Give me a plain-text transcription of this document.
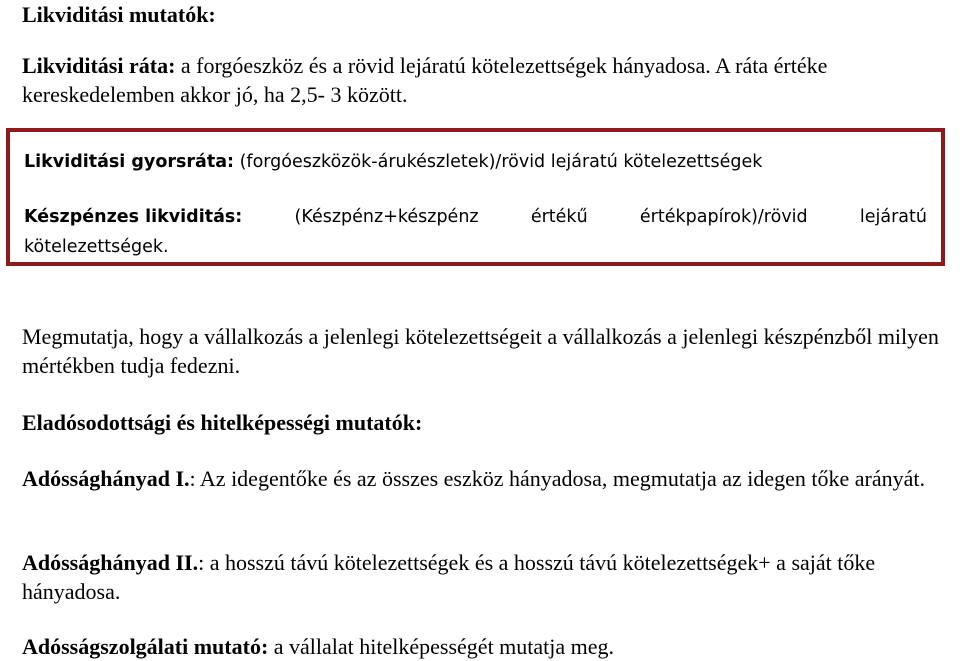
Likviditási mutatók:
Likviditási ráta: a forgóeszköz és a rövid lejáratú kötelezettségek hányadosa. A ráta értéke kereskedelemben akkor jó, ha 2,5- 3 között.
Likviditási gyorsráta: (forgóeszközök-árukészletek)/rövid lejáratú kötelezettségek
Készpénzes likviditás:	(Készpénz+készpénz	értékű	értékpapírok)/rövid	lejáratú
kötelezettségek.
Megmutatja, hogy a vállalkozás a jelenlegi kötelezettségeit a vállalkozás a jelenlegi készpénzből milyen mértékben tudja fedezni.
Eladósodottsági és hitelképességi mutatók:
Adóssághányad I.: Az idegentőke és az összes eszköz hányadosa, megmutatja az idegen tőke arányát.
Adóssághányad II.: a hosszú távú kötelezettségek és a hosszú távú kötelezettségek+ a saját tőke hányadosa.
Adósságszolgálati mutató: a vállalat hitelképességét mutatja meg.
